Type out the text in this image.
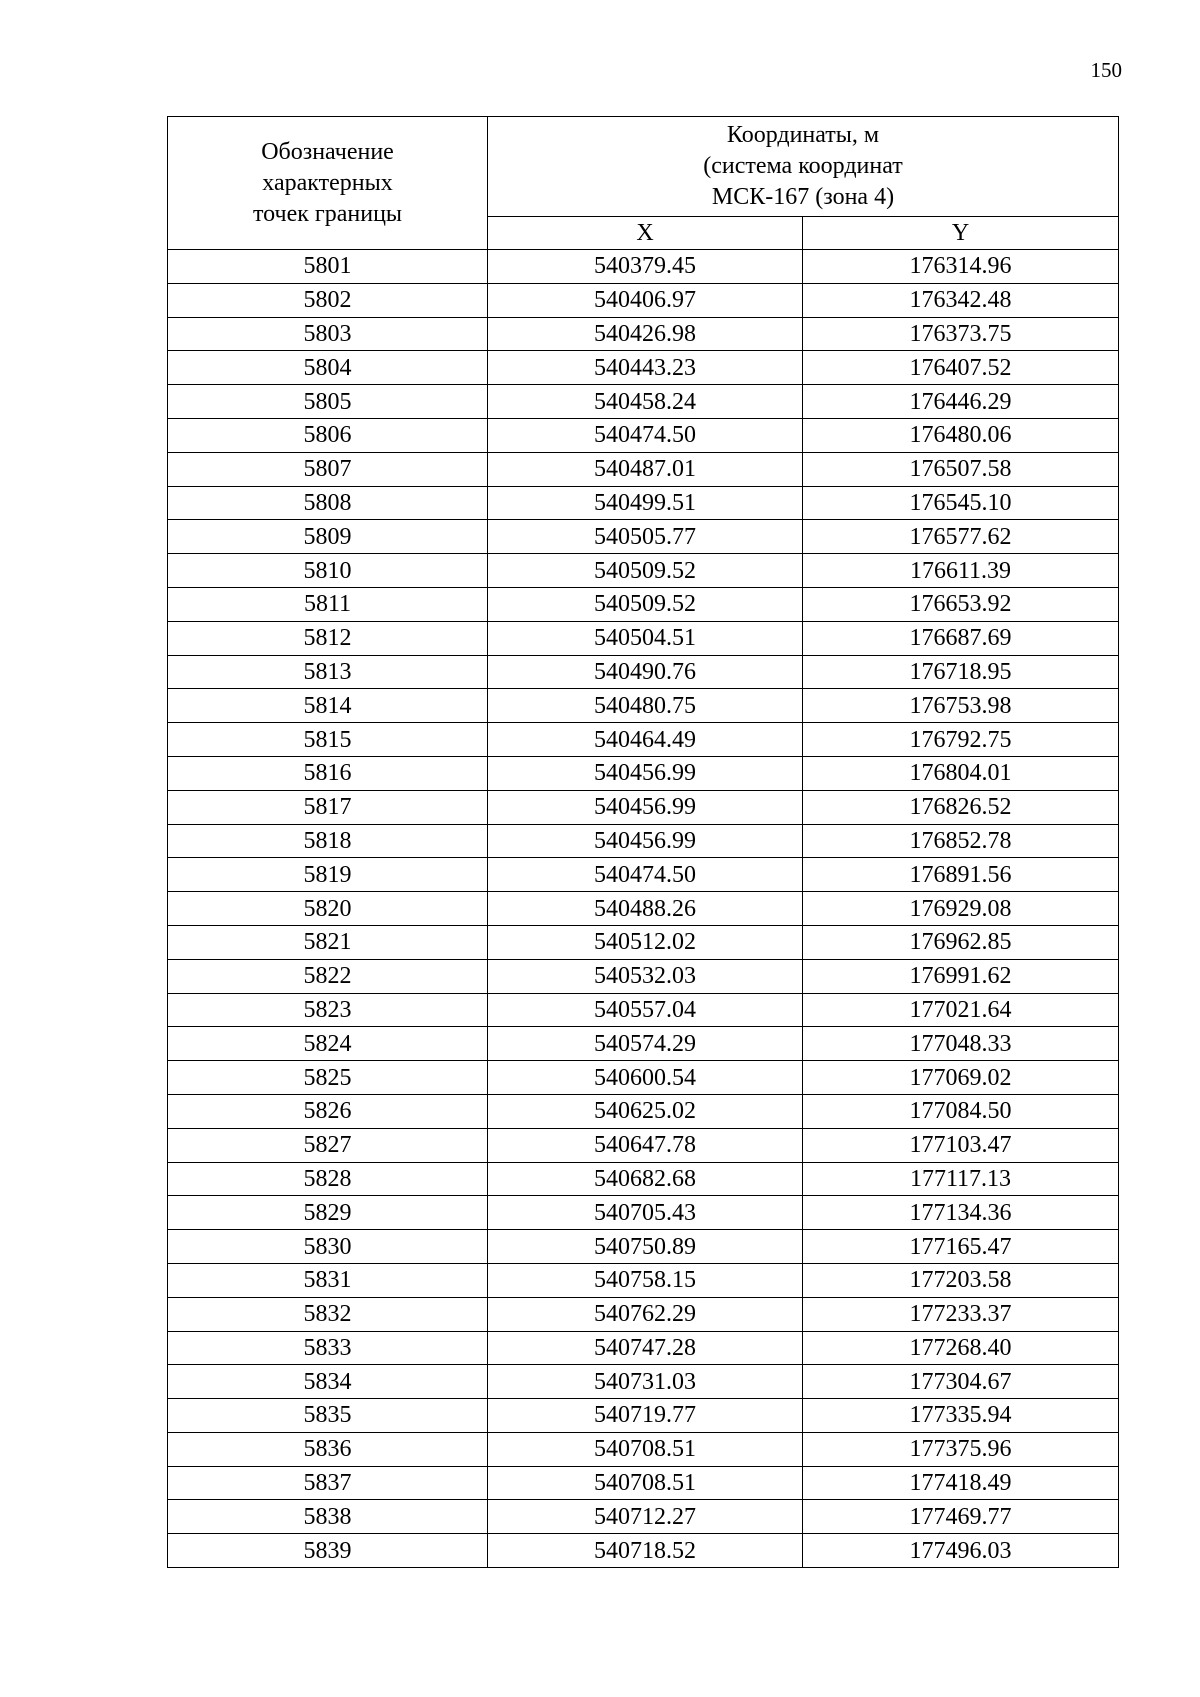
150
Обозначение
характерных
точек границы	Координаты, м
(система координат
МСК-167 (зона 4)	

	X	Y
5801	540379.45	176314.96
5802	540406.97	176342.48
5803	540426.98	176373.75
5804	540443.23	176407.52
5805	540458.24	176446.29
5806	540474.50	176480.06
5807	540487.01	176507.58
5808	540499.51	176545.10
5809	540505.77	176577.62
5810	540509.52	176611.39
5811	540509.52	176653.92
5812	540504.51	176687.69
5813	540490.76	176718.95
5814	540480.75	176753.98
5815	540464.49	176792.75
5816	540456.99	176804.01
5817	540456.99	176826.52
5818	540456.99	176852.78
5819	540474.50	176891.56
5820	540488.26	176929.08
5821	540512.02	176962.85
5822	540532.03	176991.62
5823	540557.04	177021.64
5824	540574.29	177048.33
5825	540600.54	177069.02
5826	540625.02	177084.50
5827	540647.78	177103.47
5828	540682.68	177117.13
5829	540705.43	177134.36
5830	540750.89	177165.47
5831	540758.15	177203.58
5832	540762.29	177233.37
5833	540747.28	177268.40
5834	540731.03	177304.67
5835	540719.77	177335.94
5836	540708.51	177375.96
5837	540708.51	177418.49
5838	540712.27	177469.77
5839	540718.52	177496.03
